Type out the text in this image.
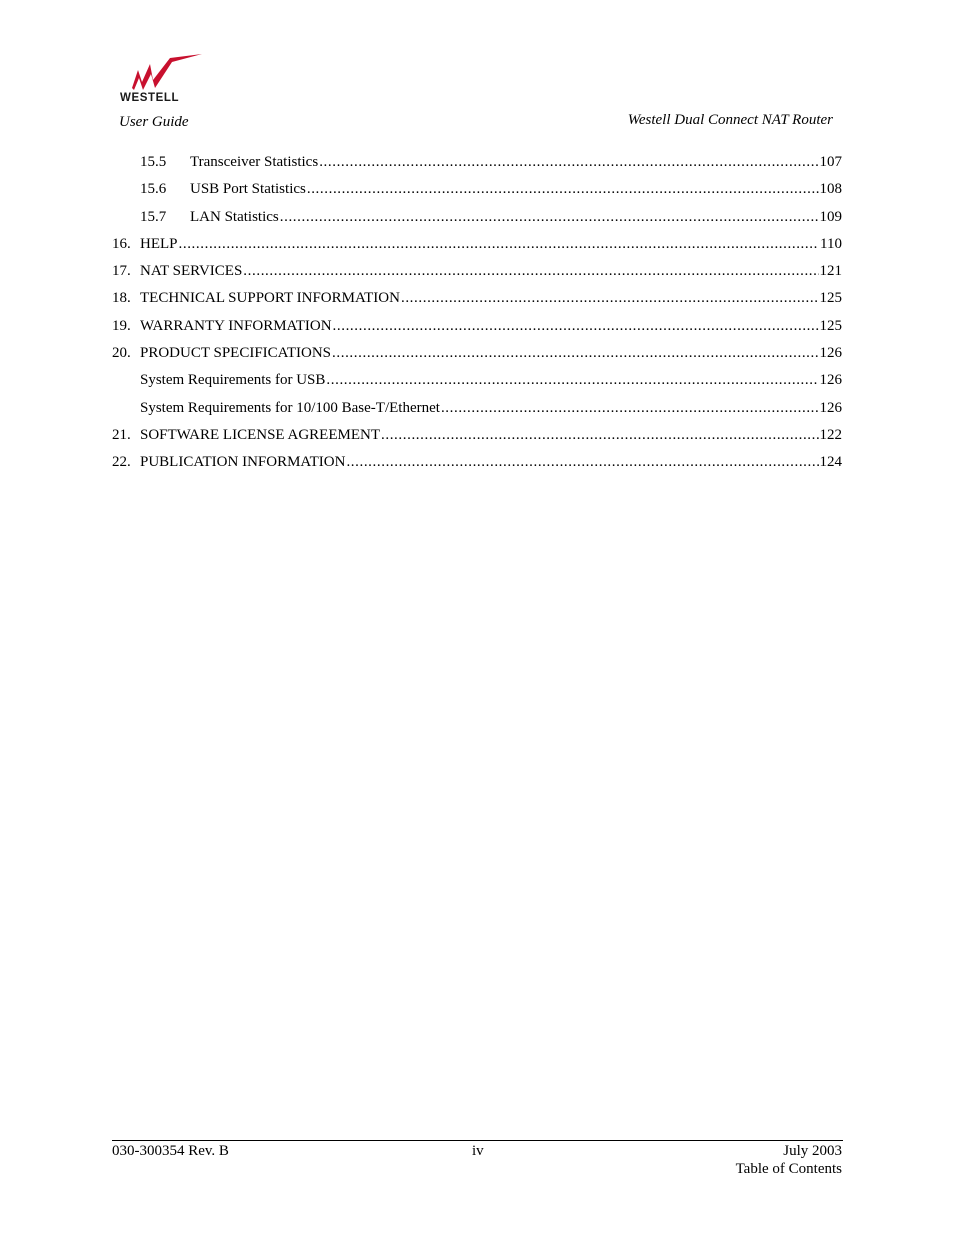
WESTELL
User Guide	Westell Dual Connect NAT Router
15.5	Transceiver Statistics .....	107
15.6	USB Port Statistics .....	108
15.7	LAN Statistics .....	109
16. HELP .....	110
17. NAT SERVICES .....	121
18. TECHNICAL SUPPORT INFORMATION .....	125
19. WARRANTY INFORMATION .....	125
20. PRODUCT SPECIFICATIONS .....	126
System Requirements for USB .....	126
System Requirements for 10/100 Base-T/Ethernet .....	126
21. SOFTWARE LICENSE AGREEMENT .....	122
22. PUBLICATION INFORMATION .....	124
030-300354 Rev. B	iv	July 2003
Table of Contents
